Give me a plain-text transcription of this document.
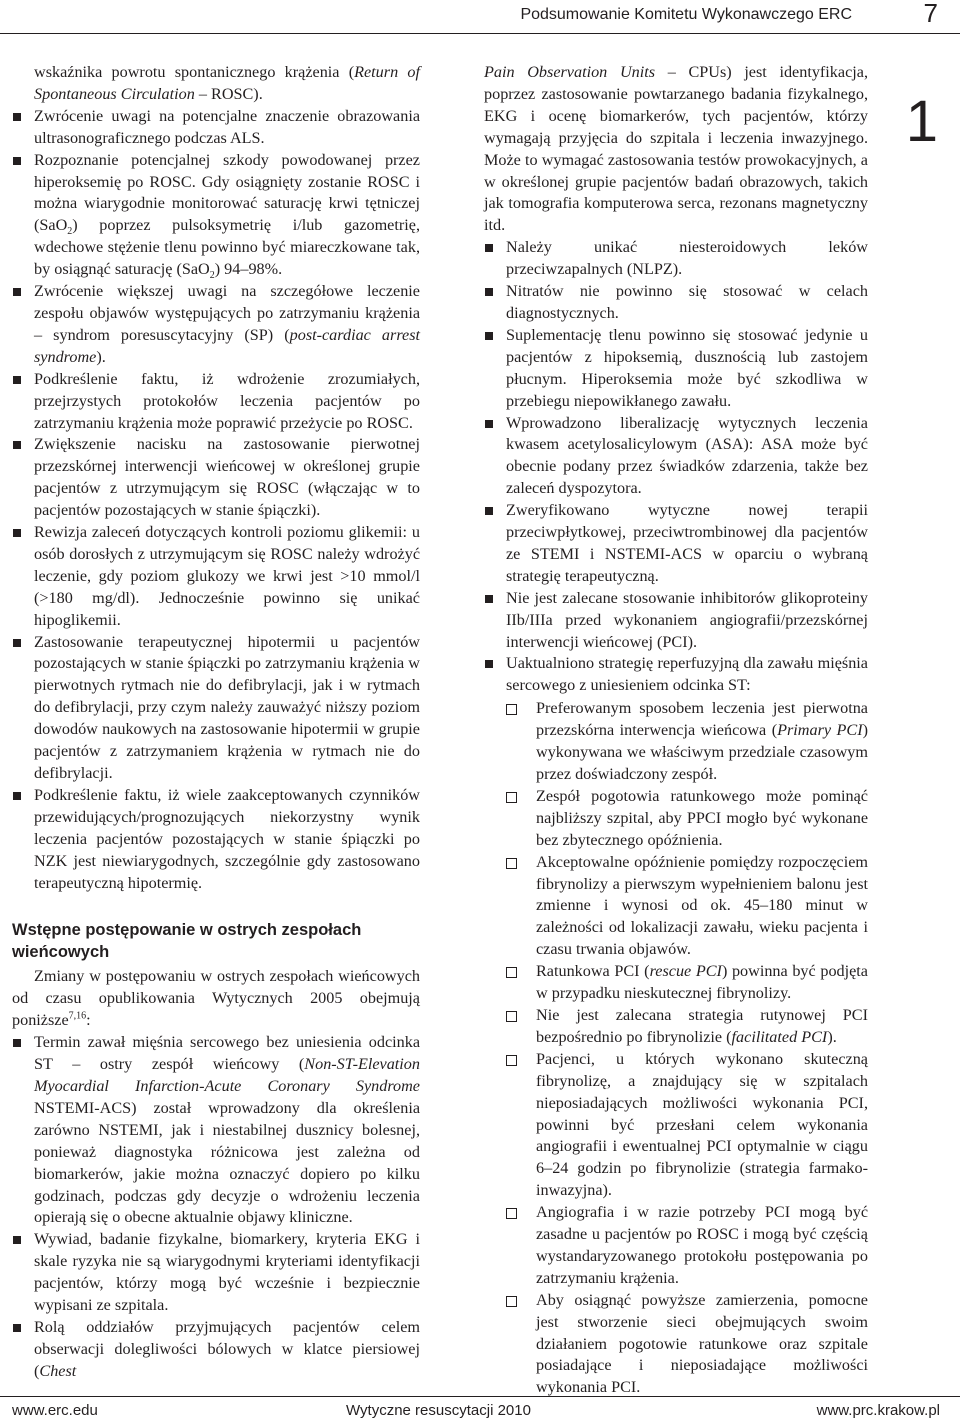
Podsumowanie Komitetu Wykonawczego ERC	7
1

wskaźnika powrotu spontanicznego krążenia (Return of Spontaneous Circulation – ROSC).

Zwrócenie uwagi na potencjalne znaczenie obrazowania ultrasonograficznego podczas ALS.
Rozpoznanie potencjalnej szkody powodowanej przez hiperoksemię po ROSC. Gdy osiągnięty zostanie ROSC i można wiarygodnie monitorować saturację krwi tętniczej (SaO$_2$) poprzez pulsoksymetrię i/lub gazometrię, wdechowe stężenie tlenu powinno być miareczkowane tak, by osiągnąć saturację (SaO$_2$) 94–98%.
Zwrócenie większej uwagi na szczegółowe leczenie zespołu objawów występujących po zatrzymaniu krążenia – syndrom poresuscytacyjny (SP) (post-cardiac arrest syndrome).
Podkreślenie faktu, iż wdrożenie zrozumiałych, przejrzystych protokołów leczenia pacjentów po zatrzymaniu krążenia może poprawić przeżycie po ROSC.
Zwiększenie nacisku na zastosowanie pierwotnej przezskórnej interwencji wieńcowej w określonej grupie pacjentów z utrzymującym się ROSC (włączając w to pacjentów pozostających w stanie śpiączki).
Rewizja zaleceń dotyczących kontroli poziomu glikemii: u osób dorosłych z utrzymującym się ROSC należy wdrożyć leczenie, gdy poziom glukozy we krwi jest >10 mmol/l (>180 mg/dl). Jednocześnie powinno się unikać hipoglikemii.
Zastosowanie terapeutycznej hipotermii u pacjentów pozostających w stanie śpiączki po zatrzymaniu krążenia w pierwotnych rytmach nie do defibrylacji, jak i w rytmach do defibrylacji, przy czym należy zauważyć niższy poziom dowodów naukowych na zastosowanie hipotermii w grupie pacjentów z zatrzymaniem krążenia w rytmach nie do defibrylacji.
Podkreślenie faktu, iż wiele zaakceptowanych czynników przewidujących/prognozujących niekorzystny wynik leczenia pacjentów pozostających w stanie śpiączki po NZK jest niewiarygodnych, szczególnie gdy zastosowano terapeutyczną hipotermię.
Wstępne postępowanie w ostrych zespołach wieńcowych

Zmiany w postępowaniu w ostrych zespołach wieńcowych od czasu opublikowania Wytycznych 2005 obejmują poniższe$^{7,16}$:

Termin zawał mięśnia sercowego bez uniesienia odcinka ST – ostry zespół wieńcowy (Non-ST-Elevation Myocardial Infarction-Acute Coronary Syndrome NSTEMI-ACS) został wprowadzony dla określenia zarówno NSTEMI, jak i niestabilnej dusznicy bolesnej, ponieważ diagnostyka różnicowa jest zależna od biomarkerów, jakie można oznaczyć dopiero po kilku godzinach, podczas gdy decyzje o wdrożeniu leczenia opierają się o obecne aktualnie objawy kliniczne.
Wywiad, badanie fizykalne, biomarkery, kryteria EKG i skale ryzyka nie są wiarygodnymi kryteriami identyfikacji pacjentów, którzy mogą być wcześnie i bezpiecznie wypisani ze szpitala.
Rolą oddziałów przyjmujących pacjentów celem obserwacji dolegliwości bólowych w klatce piersiowej (Chest

Pain Observation Units – CPUs) jest identyfikacja, poprzez zastosowanie powtarzanego badania fizykalnego, EKG i ocenę biomarkerów, tych pacjentów, którzy wymagają przyjęcia do szpitala i leczenia inwazyjnego. Może to wymagać zastosowania testów prowokacyjnych, a w określonej grupie pacjentów badań obrazowych, takich jak tomografia komputerowa serca, rezonans magnetyczny itd.

Należy unikać niesteroidowych leków przeciwzapalnych (NLPZ).
Nitratów nie powinno się stosować w celach diagnostycznych.
Suplementację tlenu powinno się stosować jedynie u pacjentów z hipoksemią, dusznością lub zastojem płucnym. Hiperoksemia może być szkodliwa w przebiegu niepowikłanego zawału.
Wprowadzono liberalizację wytycznych leczenia kwasem acetylosalicylowym (ASA): ASA może być obecnie podany przez świadków zdarzenia, także bez zaleceń dyspozytora.
Zweryfikowano wytyczne nowej terapii przeciwpłytkowej, przeciwtrombinowej dla pacjentów ze STEMI i NSTEMI-ACS w oparciu o wybraną strategię terapeutyczną.
Nie jest zalecane stosowanie inhibitorów glikoproteiny IIb/IIIa przed wykonaniem angiografii/przezskórnej interwencji wieńcowej (PCI).
Uaktualniono strategię reperfuzyjną dla zawału mięśnia sercowego z uniesieniem odcinka ST:
Preferowanym sposobem leczenia jest pierwotna przezskórna interwencja wieńcowa (Primary PCI) wykonywana we właściwym przedziale czasowym przez doświadczony zespół.
Zespół pogotowia ratunkowego może pominąć najbliższy szpital, aby PPCI mogło być wykonane bez zbytecznego opóźnienia.
Akceptowalne opóźnienie pomiędzy rozpoczęciem fibrynolizy a pierwszym wypełnieniem balonu jest zmienne i wynosi od ok. 45–180 minut w zależności od lokalizacji zawału, wieku pacjenta i czasu trwania objawów.
Ratunkowa PCI (rescue PCI) powinna być podjęta w przypadku nieskutecznej fibrynolizy.
Nie jest zalecana strategia rutynowej PCI bezpośrednio po fibrynolizie (facilitated PCI).
Pacjenci, u których wykonano skuteczną fibrynolizę, a znajdujący się w szpitalach nieposiadających możliwości wykonania PCI, powinni być przesłani celem wykonania angiografii i ewentualnej PCI optymalnie w ciągu 6–24 godzin po fibrynolizie (strategia farmako-inwazyjna).
Angiografia i w razie potrzeby PCI mogą być zasadne u pacjentów po ROSC i mogą być częścią wystandaryzowanego protokołu postępowania po zatrzymaniu krążenia.
Aby osiągnąć powyższe zamierzenia, pomocne jest stworzenie sieci obejmujących swoim działaniem pogotowie ratunkowe oraz szpitale posiadające i nieposiadające możliwości wykonania PCI.
www.erc.edu	Wytyczne resuscytacji 2010	www.prc.krakow.pl
